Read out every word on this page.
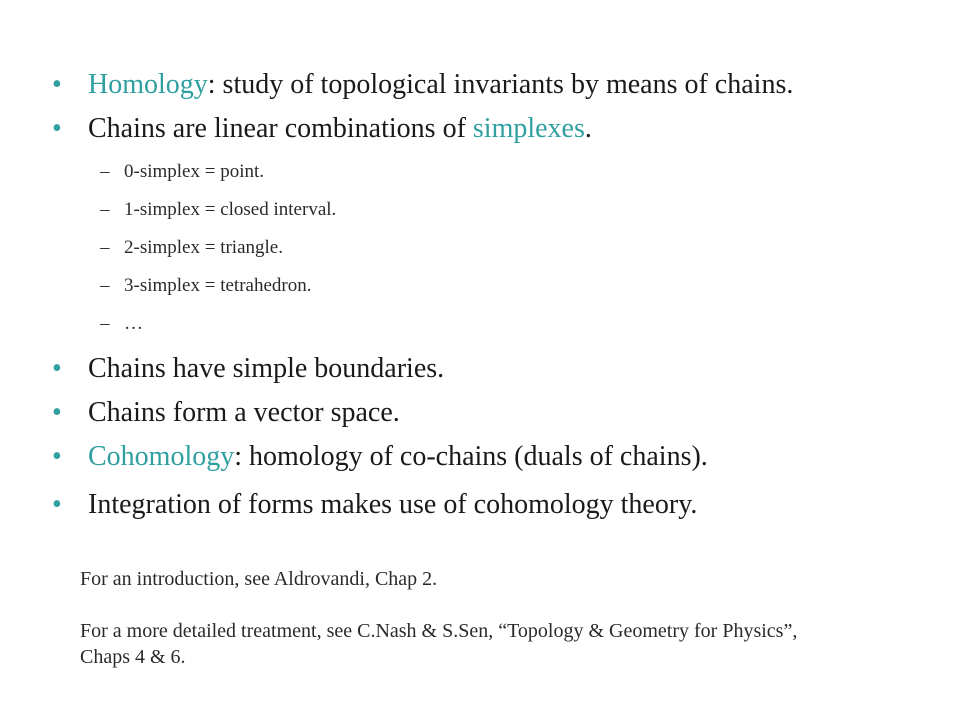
• Homology: study of topological invariants by means of chains.
• Chains are linear combinations of simplexes.
– 0-simplex = point.
– 1-simplex = closed interval.
– 2-simplex = triangle.
– 3-simplex = tetrahedron.
– …
• Chains have simple boundaries.
• Chains form a vector space.
• Cohomology: homology of co-chains (duals of chains).
• Integration of forms makes use of cohomology theory.
For an introduction, see Aldrovandi, Chap 2.
For a more detailed treatment, see C.Nash & S.Sen, “Topology & Geometry for Physics”, Chaps 4 & 6.
